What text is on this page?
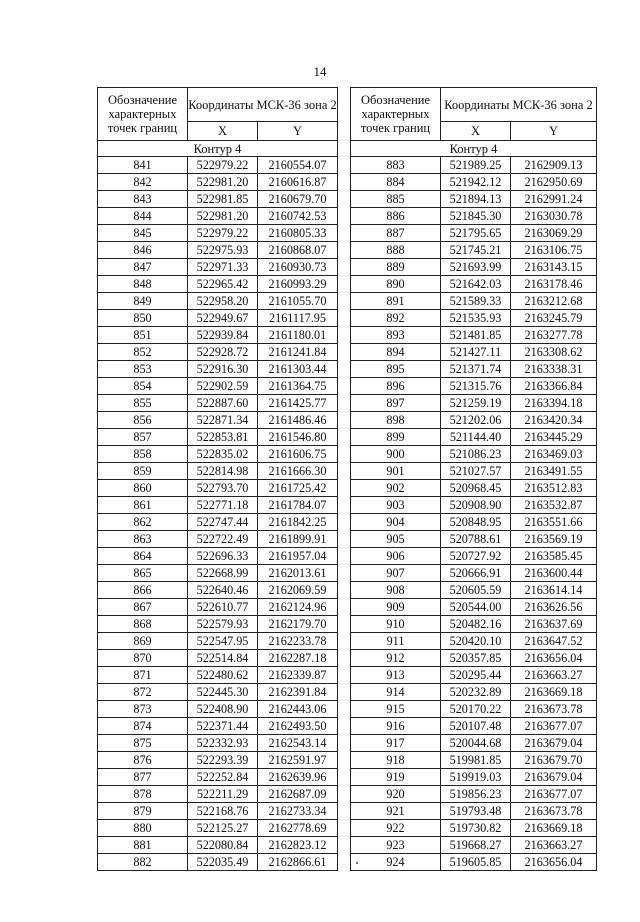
14
Обозначение характерных точек границ	Координаты МСК-36 зона 2	
	X	Y
Контур 4		
841	522979.22	2160554.07
842	522981.20	2160616.87
843	522981.85	2160679.70
844	522981.20	2160742.53
845	522979.22	2160805.33
846	522975.93	2160868.07
847	522971.33	2160930.73
848	522965.42	2160993.29
849	522958.20	2161055.70
850	522949.67	2161117.95
851	522939.84	2161180.01
852	522928.72	2161241.84
853	522916.30	2161303.44
854	522902.59	2161364.75
855	522887.60	2161425.77
856	522871.34	2161486.46
857	522853.81	2161546.80
858	522835.02	2161606.75
859	522814.98	2161666.30
860	522793.70	2161725.42
861	522771.18	2161784.07
862	522747.44	2161842.25
863	522722.49	2161899.91
864	522696.33	2161957.04
865	522668.99	2162013.61
866	522640.46	2162069.59
867	522610.77	2162124.96
868	522579.93	2162179.70
869	522547.95	2162233.78
870	522514.84	2162287.18
871	522480.62	2162339.87
872	522445.30	2162391.84
873	522408.90	2162443.06
874	522371.44	2162493.50
875	522332.93	2162543.14
876	522293.39	2162591.97
877	522252.84	2162639.96
878	522211.29	2162687.09
879	522168.76	2162733.34
880	522125.27	2162778.69
881	522080.84	2162823.12
882	522035.49	2162866.61
Обозначение характерных точек границ	Координаты МСК-36 зона 2	
	X	Y
Контур 4		
883	521989.25	2162909.13
884	521942.12	2162950.69
885	521894.13	2162991.24
886	521845.30	2163030.78
887	521795.65	2163069.29
888	521745.21	2163106.75
889	521693.99	2163143.15
890	521642.03	2163178.46
891	521589.33	2163212.68
892	521535.93	2163245.79
893	521481.85	2163277.78
894	521427.11	2163308.62
895	521371.74	2163338.31
896	521315.76	2163366.84
897	521259.19	2163394.18
898	521202.06	2163420.34
899	521144.40	2163445.29
900	521086.23	2163469.03
901	521027.57	2163491.55
902	520968.45	2163512.83
903	520908.90	2163532.87
904	520848.95	2163551.66
905	520788.61	2163569.19
906	520727.92	2163585.45
907	520666.91	2163600.44
908	520605.59	2163614.14
909	520544.00	2163626.56
910	520482.16	2163637.69
911	520420.10	2163647.52
912	520357.85	2163656.04
913	520295.44	2163663.27
914	520232.89	2163669.18
915	520170.22	2163673.78
916	520107.48	2163677.07
917	520044.68	2163679.04
918	519981.85	2163679.70
919	519919.03	2163679.04
920	519856.23	2163677.07
921	519793.48	2163673.78
922	519730.82	2163669.18
923	519668.27	2163663.27
924	519605.85	2163656.04
